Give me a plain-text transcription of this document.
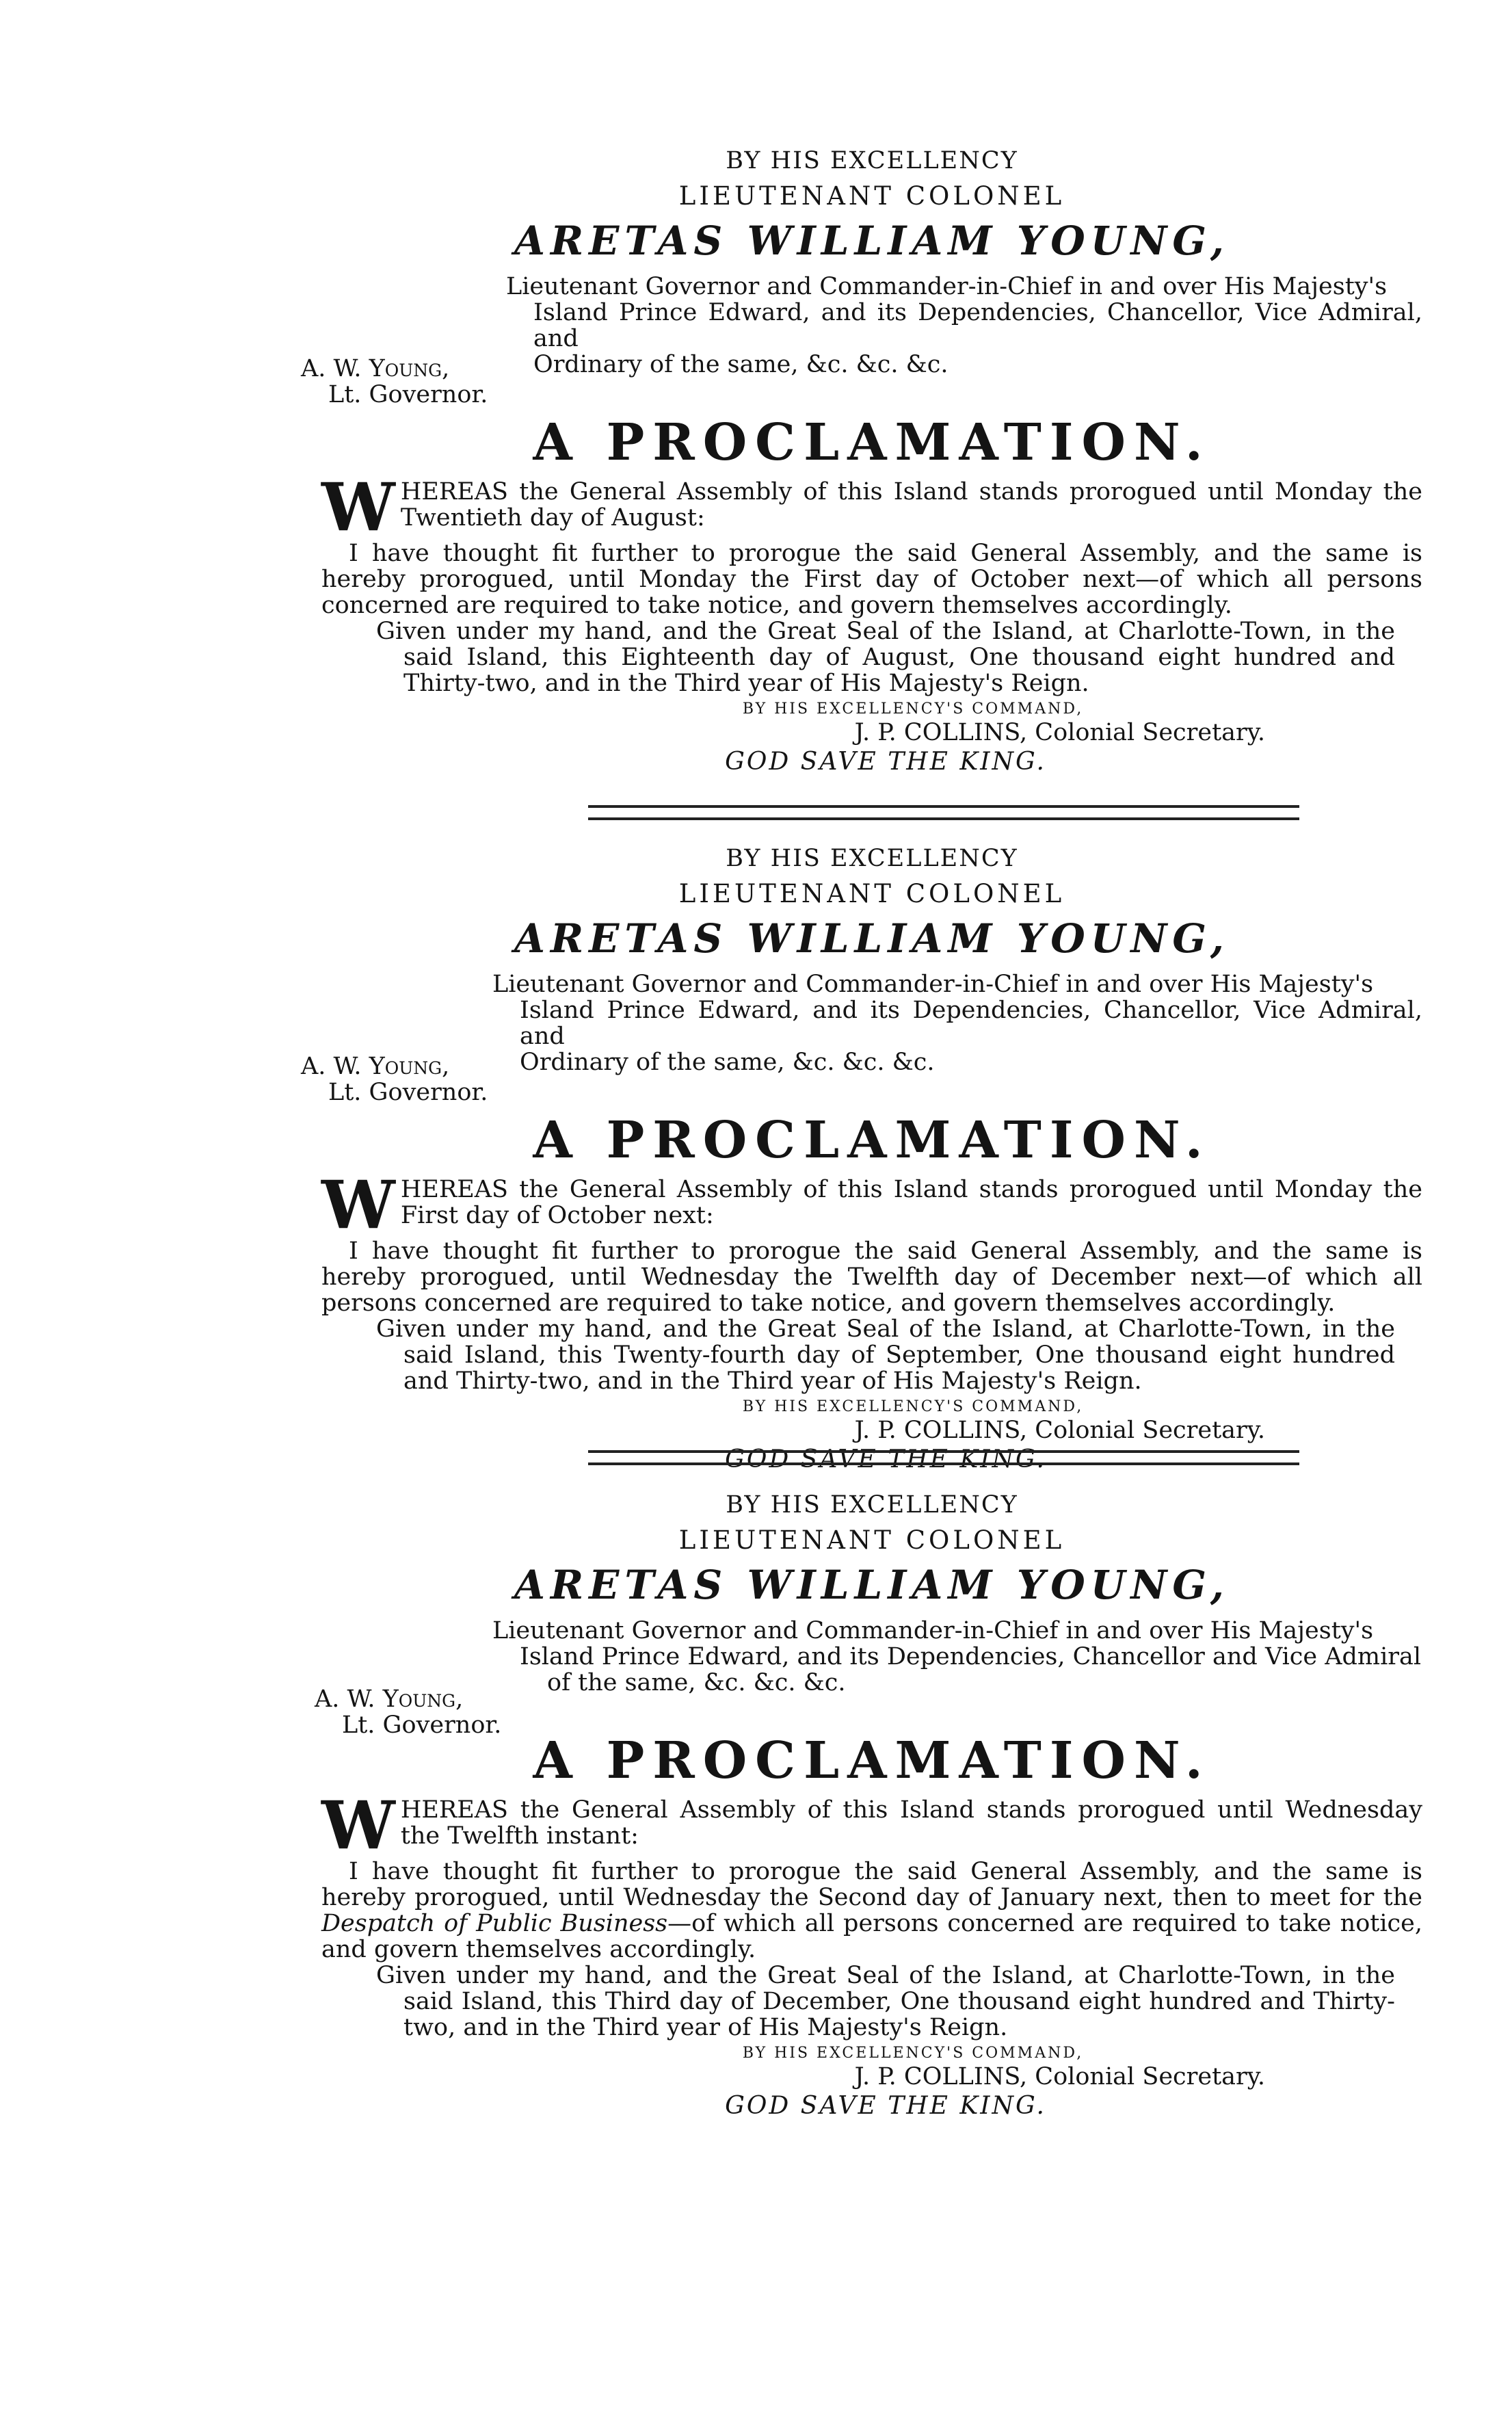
BY HIS EXCELLENCY
LIEUTENANT COLONEL
ARETAS WILLIAM YOUNG,
Lieutenant Governor and Commander-in-Chief in and over His Majesty's
Island Prince Edward, and its Dependencies, Chancellor, Vice Admiral, and
Ordinary of the same, &c. &c. &c.
A. W. Young,
Lt. Governor.
A PROCLAMATION.
W HEREAS the General Assembly of this Island stands prorogued until Monday the Twentieth day of August:

I have thought fit further to prorogue the said General Assembly, and the same is hereby prorogued, until Monday the First day of October next—of which all persons concerned are required to take notice, and govern themselves accordingly.

Given under my hand, and the Great Seal of the Island, at Charlotte-Town, in the said Island, this Eighteenth day of August, One thousand eight hundred and Thirty-two, and in the Third year of His Majesty's Reign.

BY HIS EXCELLENCY'S COMMAND,
J. P. COLLINS, Colonial Secretary.
GOD SAVE THE KING.
BY HIS EXCELLENCY
LIEUTENANT COLONEL
ARETAS WILLIAM YOUNG,
Lieutenant Governor and Commander-in-Chief in and over His Majesty's
Island Prince Edward, and its Dependencies, Chancellor, Vice Admiral, and
Ordinary of the same, &c. &c. &c.
A. W. Young,
Lt. Governor.
A PROCLAMATION.
W HEREAS the General Assembly of this Island stands prorogued until Monday the First day of October next:

I have thought fit further to prorogue the said General Assembly, and the same is hereby prorogued, until Wednesday the Twelfth day of December next—of which all persons concerned are required to take notice, and govern themselves accordingly.

Given under my hand, and the Great Seal of the Island, at Charlotte-Town, in the said Island, this Twenty-fourth day of September, One thousand eight hundred and Thirty-two, and in the Third year of His Majesty's Reign.

BY HIS EXCELLENCY'S COMMAND,
J. P. COLLINS, Colonial Secretary.
GOD SAVE THE KING.
BY HIS EXCELLENCY
LIEUTENANT COLONEL
ARETAS WILLIAM YOUNG,
Lieutenant Governor and Commander-in-Chief in and over His Majesty's
Island Prince Edward, and its Dependencies, Chancellor and Vice Admiral
of the same, &c. &c. &c.
A. W. Young,
Lt. Governor.
A PROCLAMATION.
W HEREAS the General Assembly of this Island stands prorogued until Wednesday the Twelfth instant:

I have thought fit further to prorogue the said General Assembly, and the same is hereby prorogued, until Wednesday the Second day of January next, then to meet for the Despatch of Public Business—of which all persons concerned are required to take notice, and govern themselves accordingly.

Given under my hand, and the Great Seal of the Island, at Charlotte-Town, in the said Island, this Third day of December, One thousand eight hundred and Thirty-two, and in the Third year of His Majesty's Reign.

BY HIS EXCELLENCY'S COMMAND,
J. P. COLLINS, Colonial Secretary.
GOD SAVE THE KING.
